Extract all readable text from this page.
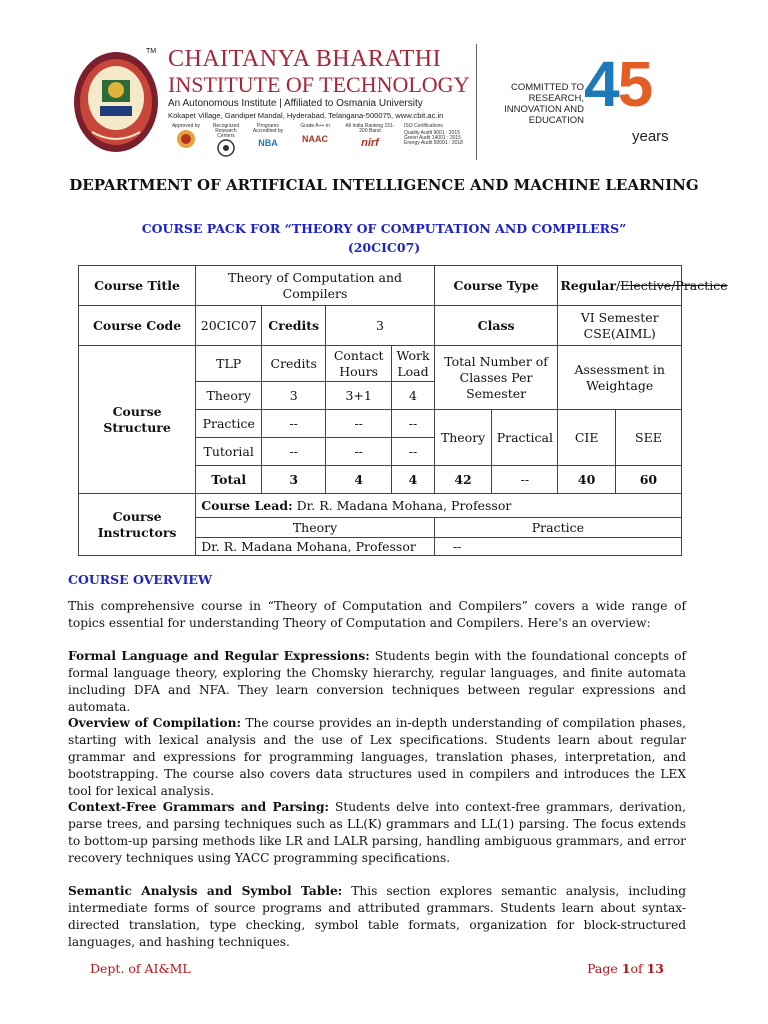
TM CHAITANYA BHARATHI
INSTITUTE OF TECHNOLOGY
An Autonomous Institute | Affiliated to Osmania University
Kokapet Village, Gandipet Mandal, Hyderabad, Telangana-500075, www.cbit.ac.in
Approved by	Recognized Research Centers
Programs Accredited by
NBA
Grade A++ in
NAAC
All India Ranking 151-200 Band
nirf
ISO Certifications
Quality Audit 9001 : 2015
Green Audit 14001 : 2015
Energy Audit 50001 : 2018
COMMITTED TO
RESEARCH,
INNOVATION AND
EDUCATION
45
years
DEPARTMENT OF ARTIFICIAL INTELLIGENCE AND MACHINE LEARNING
COURSE PACK FOR “THEORY OF COMPUTATION AND COMPILERS”
(20CIC07)
Course Title	Theory of Computation and Compilers				Course Type		Regular/Elective/Practice	
Course Code	20CIC07	Credits	3		Class		VI Semester
CSE(AIML)	

Course Structure	TLP	Credits	Contact Hours	Work Load	Total Number of Classes Per Semester		Assessment in Weightage	
	Theory	3	3+1	4				
	Practice	--	--	--	Theory	Practical	CIE	SEE
	Tutorial	--	--	--				
	Total	3	4	4	42	--	40	60
Course Instructors	Course Lead: Dr. R. Madana Mohana, Professor							
	Theory				Practice			
	Dr. R. Madana Mohana, Professor				--			
COURSE OVERVIEW

This comprehensive course in “Theory of Computation and Compilers” covers a wide range of topics essential for understanding Theory of Computation and Compilers. Here's an overview:

Formal Language and Regular Expressions: Students begin with the foundational concepts of formal language theory, exploring the Chomsky hierarchy, regular languages, and finite automata including DFA and NFA. They learn conversion techniques between regular expressions and automata.

Overview of Compilation: The course provides an in-depth understanding of compilation phases, starting with lexical analysis and the use of Lex specifications. Students learn about regular grammar and expressions for programming languages, translation phases, interpretation, and bootstrapping. The course also covers data structures used in compilers and introduces the LEX tool for lexical analysis.

Context-Free Grammars and Parsing: Students delve into context-free grammars, derivation, parse trees, and parsing techniques such as LL(K) grammars and LL(1) parsing. The focus extends to bottom-up parsing methods like LR and LALR parsing, handling ambiguous grammars, and error recovery techniques using YACC programming specifications.

Semantic Analysis and Symbol Table: This section explores semantic analysis, including intermediate forms of source programs and attributed grammars. Students learn about syntax-directed translation, type checking, symbol table formats, organization for block-structured languages, and hashing techniques.

Dept. of AI&ML	Page 1of 13
